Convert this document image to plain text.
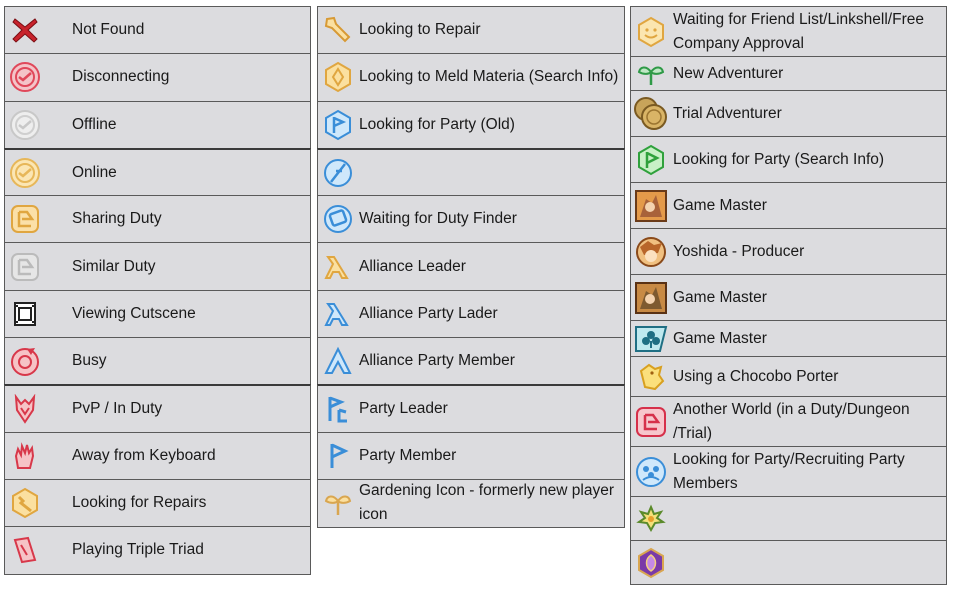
Not Found
Disconnecting
Offline
Online
Sharing Duty
Similar Duty
Viewing Cutscene
Busy
PvP / In Duty
Away from Keyboard
Looking for Repairs
Playing Triple Triad
Looking to Repair
Looking to Meld Materia (Search Info)
Looking for Party (Old)
Waiting for Duty Finder
Alliance Leader
Alliance Party Lader
Alliance Party Member
Party Leader
Party Member
Gardening Icon - formerly new player icon
Waiting for Friend List/Linkshell/Free Company Approval
New Adventurer
Trial Adventurer
Looking for Party (Search Info)
Game Master
Yoshida - Producer
Game Master
Game Master
Using a Chocobo Porter
Another World (in a Duty/Dungeon /Trial)
Looking for Party/Recruiting Party Members
